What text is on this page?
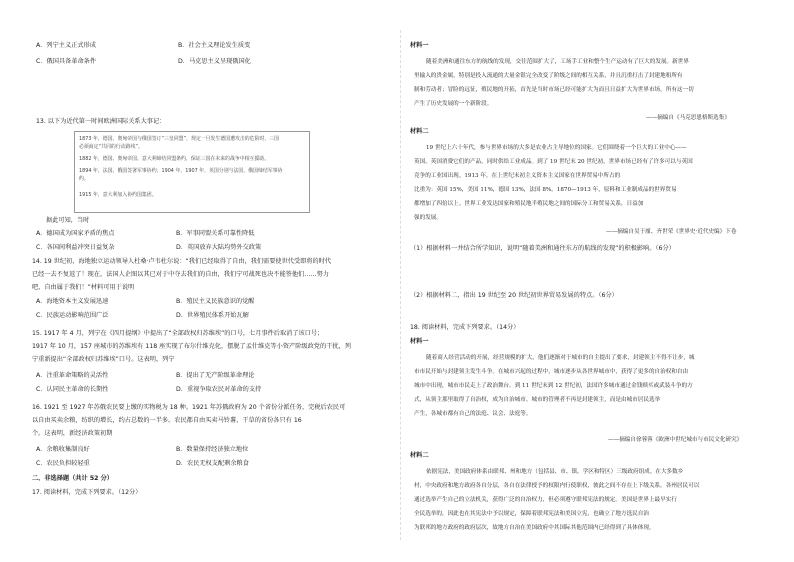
A．列宁主义正式形成	B．社会主义理论发生质变
C．俄国具备革命条件	D．马克思主义呈现俄国化
13. 以下为近代第一时间欧洲国际关系大事记：
据此可知，当时
A．德国成为国家矛盾的焦点	B．军事同盟关系可靠性降低
C．各国间利益冲突日益复杂	D．英国放弃大陆均势外交政策
14. 19 世纪初，海地独立运动领导人杜桑·卢韦杜尔说：“我们已经取得了自由，我们需要使世代受即将的时代
已经一去不复返了！现在，法国人企图以其已对于中夺去我们的自由，我们宁可战死也决不能签他们……努力
吧，自由属于我们！”材料可用于说明
A．海地资本主义发展迅速	B．殖民主义民族意识的觉醒
C．民族运动影响范围广泛	D．世界殖民体系开始瓦解
15. 1917 年 4 月，列宁在《四月提纲》中提出了“全部政权归苏维埃”的口号，七月事件后取消了该口号；
1917 年 10 月，157 座城市的苏维埃有 118 座实现了布尔什维克化，摆脱了孟什维克等小资产阶级政党的干扰，列
宁重新提出“全部政权归苏维埃”口号。这表明，列宁
A．注重革命策略的灵活性	B．提出了无产阶级革命理论
C．认同民主革命的长期性	D．重视争取农民对革命的支持
16. 1921 至 1927 年苏俄农民要上缴的实物税为 18 种。1921 年苏俄政府为 20 个省份分派任务，完税后农民可
以自由买卖余粮，纺织的增长，约占总数的一半多。农民都自由买卖马铃薯、干草的省份各只有 16
个。这表明，新经济政策初期
A．余粮收集制良好	B．数量保持经济独立地位
C．农民负担较轻重	D．农民无权支配剩余粮食
二、非选择题（共计 52 分）
17. 阅读材料，完成下列要求。（12分）
1873 年，德国、奥匈帝国与俄国签订“三皇同盟”，规定一旦发生德国遭攻击的危险时，三国
必须商定“共同的行动路线”。
1882 年，德国、奥匈帝国、意大利缔结同盟条约，保证三国在未来的战争中相互援助。
1894 年，法国、俄国签署军事协约；1904 年、1907 年，英国分别与法国、俄国缔结军事协
约。
1915 年，意大利加入协约国集团。
材料一
随着美洲和通往东方的航线的发现，交往范围扩大了，工场手工业和整个生产运动有了巨大的发展。新世界
里输入的贵金属，特别是投入流通的大量金银完全改变了阶级之间的相互关系，并且沉重打击了封建地租所有
制和劳动者；冒险的远征，殖民地的开拓，首先是当时市场已经可能扩大为而且日益扩大为世界市场，所有这一切
产生了历史发展的一个新阶段。
——摘编自《马克思恩格斯选集》
材料二
19 世纪上六十年代，参与世界市场的大多是农业占主导地位的国家。它们围绕着一个巨大的工业中心——
英国。英国消费它们的产品，同时供给工业成品。到了 19 世纪末 20 世纪初，世界市场已经有了许多可以与英国
竞争的工业国出现。1913 年，在上世纪末初主义资本主义国家在世界贸易中所占的
比重为：英国 15%，美国 11%，德国 13%，法国 8%。1870—1913 年，原料和工业制成品的世界贸易
都增加了四倍以上。世界工业发达国家和殖民地半殖民地之间的国际分工和贸易关系，日益加
强的发展。
——摘编自吴于廑、齐世荣《世界史·近代史编》下卷
（1）根据材料一并结合所学知识，说明“随着美洲和通往东方的航线的发现”的积极影响。（6分）
（2）根据材料二，指出 19 世纪至 20 世纪初世界贸易发展的特点。（6分）
18. 阅读材料，完成下列要求。（14分）
材料一
随着商人经营活动的开展，经营规模的扩大，他们逐渐对于城市的自主提出了要求，封建领主不得不让步，城
市市民开始与封建领主发生斗争。在城市兴起的过程中，城市逐步从各世界城市中，获得了更多的自治权和自由
城市中出现，城市市民走上了政治舞台。到 11 世纪末到 12 世纪初，法国许多城市通过金钱赎买或武装斗争的方
式，从领主那里取得了自治权，成为自治城市。城市的管理者不再是封建领主，而是由城市居民选举
产生，各城市都有自己的法庭、议会、法庭等。
——摘编自徐蓉蓉《欧洲中世纪城市与市民文化研究》
材料二
依据宪法，美国政府体系由联邦、州和地方（包括县、市、镇、学区和特区）三级政府组成。在大多数乡
村，中央政府和地方政府各自分层，各自在法律授予的权限内行使职权，彼此之间不存在上下级关系。各州居民可以
通过选举产生自己的立法机关，获得广泛的自治权力，但必须遵守联邦宪法的规定。美国是世界上最早实行
全民选举的，因此也在其宪法中予以规定，保障着联邦宪法和美国立宪，也确立了地方选民自治
为联邦的地方政府的政府层次，故地方自治在美国政府中其国际其他范围内已经得到了具体体现。
